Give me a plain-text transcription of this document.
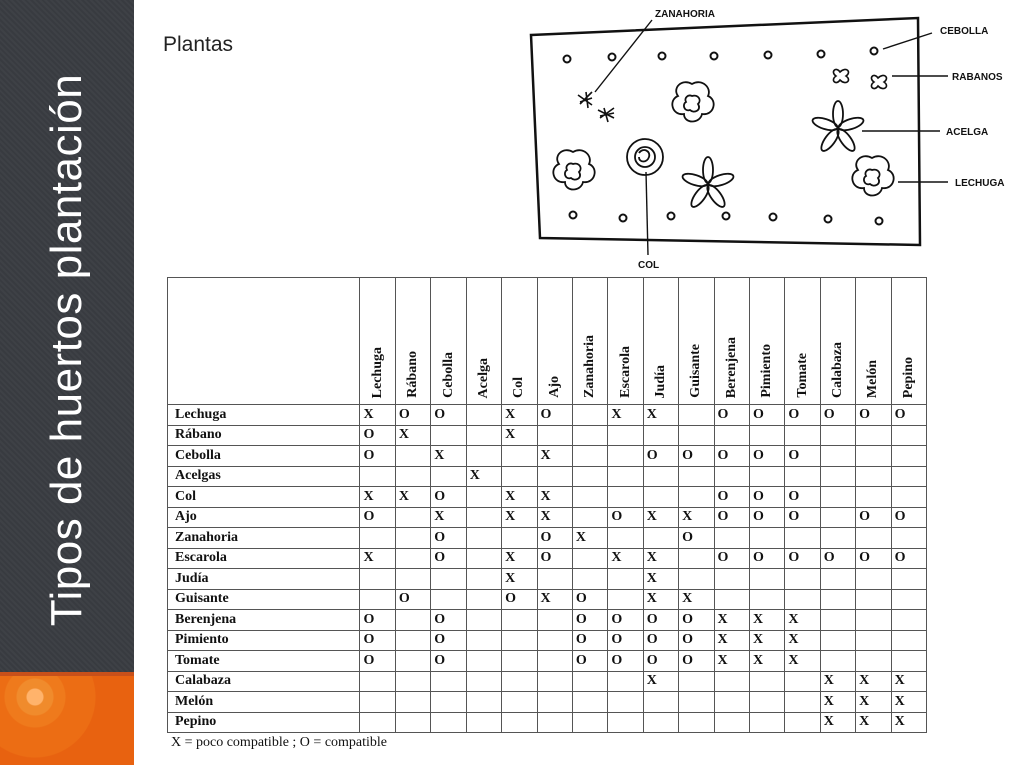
Tipos de huertos plantación
Plantas
ZANAHORIA
CEBOLLA
RABANOS
ACELGA
LECHUGA
COL

	Lechuga	Rábano	Cebolla	Acelga	Col	Ajo	Zanahoria	Escarola	Judía	Guisante	Berenjena	Pimiento	Tomate	Calabaza	Melón	Pepino

Lechuga	X	O	O		X	O		X	X		O	O	O	O	O	O
Rábano	O	X			X											
Cebolla	O		X			X			O	O	O	O	O			
Acelgas				X												
Col	X	X	O		X	X					O	O	O			
Ajo	O		X		X	X		O	X	X	O	O	O		O	O
Zanahoria			O			O	X			O						
Escarola	X		O		X	O		X	X		O	O	O	O	O	O
Judía					X				X							
Guisante		O			O	X	O		X	X						
Berenjena	O		O				O	O	O	O	X	X	X			
Pimiento	O		O				O	O	O	O	X	X	X			
Tomate	O		O				O	O	O	O	X	X	X			
Calabaza									X					X	X	X
Melón														X	X	X
Pepino														X	X	X
X = poco compatible ; O = compatible
